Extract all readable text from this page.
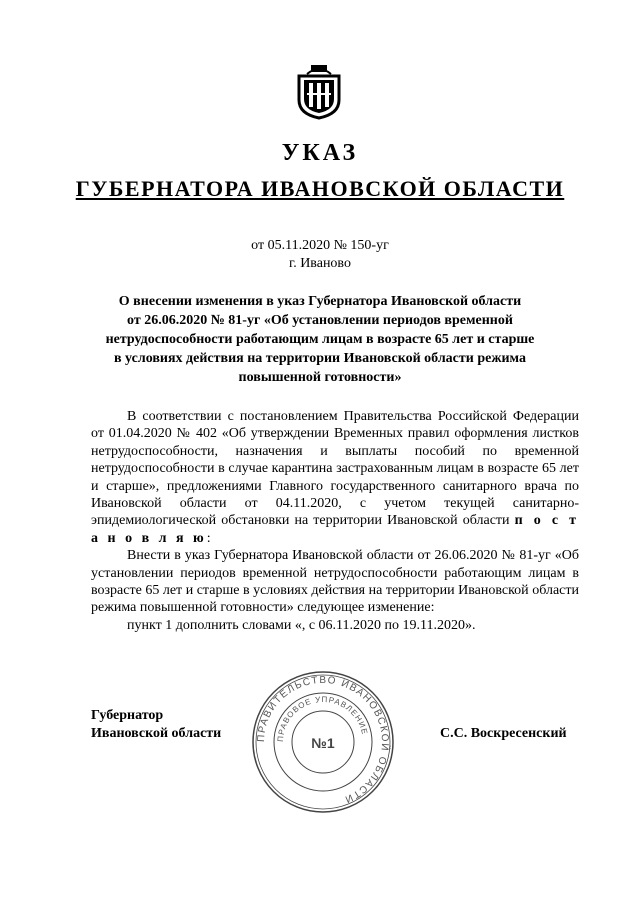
УКАЗ
ГУБЕРНАТОРА ИВАНОВСКОЙ ОБЛАСТИ
от 05.11.2020 № 150-уг
г. Иваново
О внесении изменения в указ Губернатора Ивановской области
от 26.06.2020 № 81-уг «Об установлении периодов временной
нетрудоспособности работающим лицам в возрасте 65 лет и старше
в условиях действия на территории Ивановской области режима
повышенной готовности»

В соответствии с постановлением Правительства Российской Федерации от 01.04.2020 № 402 «Об утверждении Временных правил оформления листков нетрудоспособности, назначения и выплаты пособий по временной нетрудоспособности в случае карантина застрахованным лицам в возрасте 65 лет и старше», предложениями Главного государственного санитарного врача по Ивановской области от 04.11.2020, с учетом текущей санитарно-эпидемиологической обстановки на территории Ивановской области п о с т а н о в л я ю:

Внести в указ Губернатора Ивановской области от 26.06.2020 № 81-уг «Об установлении периодов временной нетрудоспособности работающим лицам в возрасте 65 лет и старше в условиях действия на территории Ивановской области режима повышенной готовности» следующее изменение:

пункт 1 дополнить словами «, с 06.11.2020 по 19.11.2020».

Губернатор
Ивановской области	ПРАВИТЕЛЬСТВО ИВАНОВСКОЙ ОБЛАСТИ
ПРАВОВОЕ УПРАВЛЕНИЕ
№1
С.С. Воскресенский
